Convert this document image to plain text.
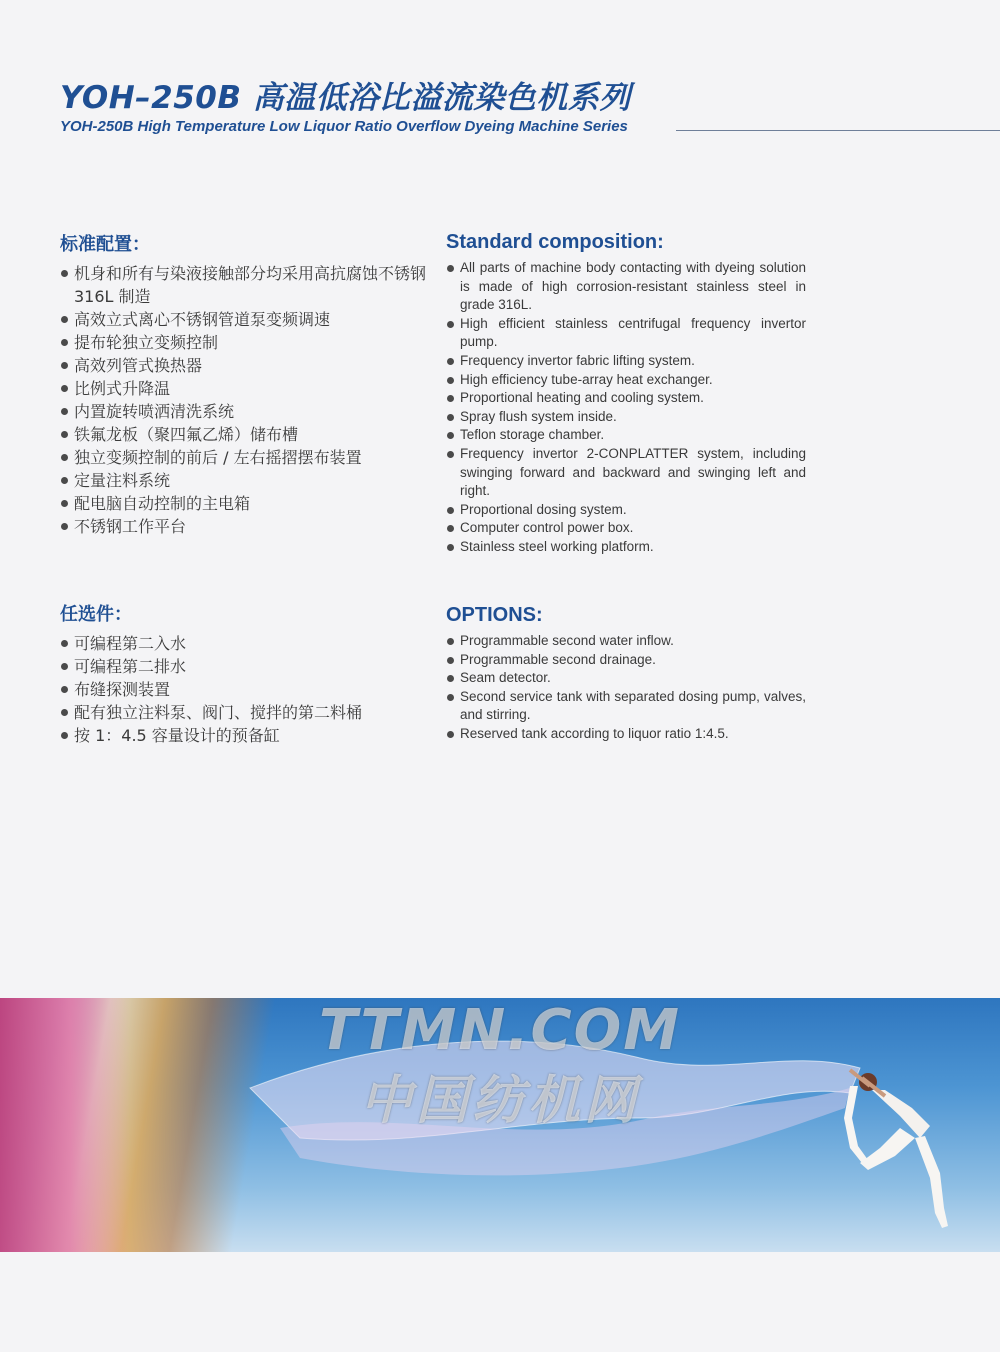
YOH–250B 高温低浴比溢流染色机系列
YOH-250B High Temperature Low Liquor Ratio Overflow Dyeing Machine Series
标准配置：
机身和所有与染液接触部分均采用高抗腐蚀不锈钢 316L 制造
高效立式离心不锈钢管道泵变频调速
提布轮独立变频控制
高效列管式换热器
比例式升降温
内置旋转喷洒清洗系统
铁氟龙板（聚四氟乙烯）储布槽
独立变频控制的前后 / 左右摇摺摆布装置
定量注料系统
配电脑自动控制的主电箱
不锈钢工作平台
Standard composition:
All parts of machine body contacting with dyeing solution is made of high corrosion-resistant stainless steel in grade 316L.
High efficient stainless centrifugal frequency invertor pump.
Frequency invertor fabric lifting system.
High efficiency tube-array heat exchanger.
Proportional heating and cooling system.
Spray flush system inside.
Teflon storage chamber.
Frequency invertor 2-CONPLATTER system, including swinging forward and backward and swinging left and right.
Proportional dosing system.
Computer control power box.
Stainless steel working platform.
任选件：
可编程第二入水
可编程第二排水
布缝探测装置
配有独立注料泵、阀门、搅拌的第二料桶
按 1：4.5 容量设计的预备缸
OPTIONS:
Programmable second water inflow.
Programmable second drainage.
Seam detector.
Second service tank with separated dosing pump, valves, and stirring.
Reserved tank according to liquor ratio 1:4.5.
TTMN.COM
中国纺机网
